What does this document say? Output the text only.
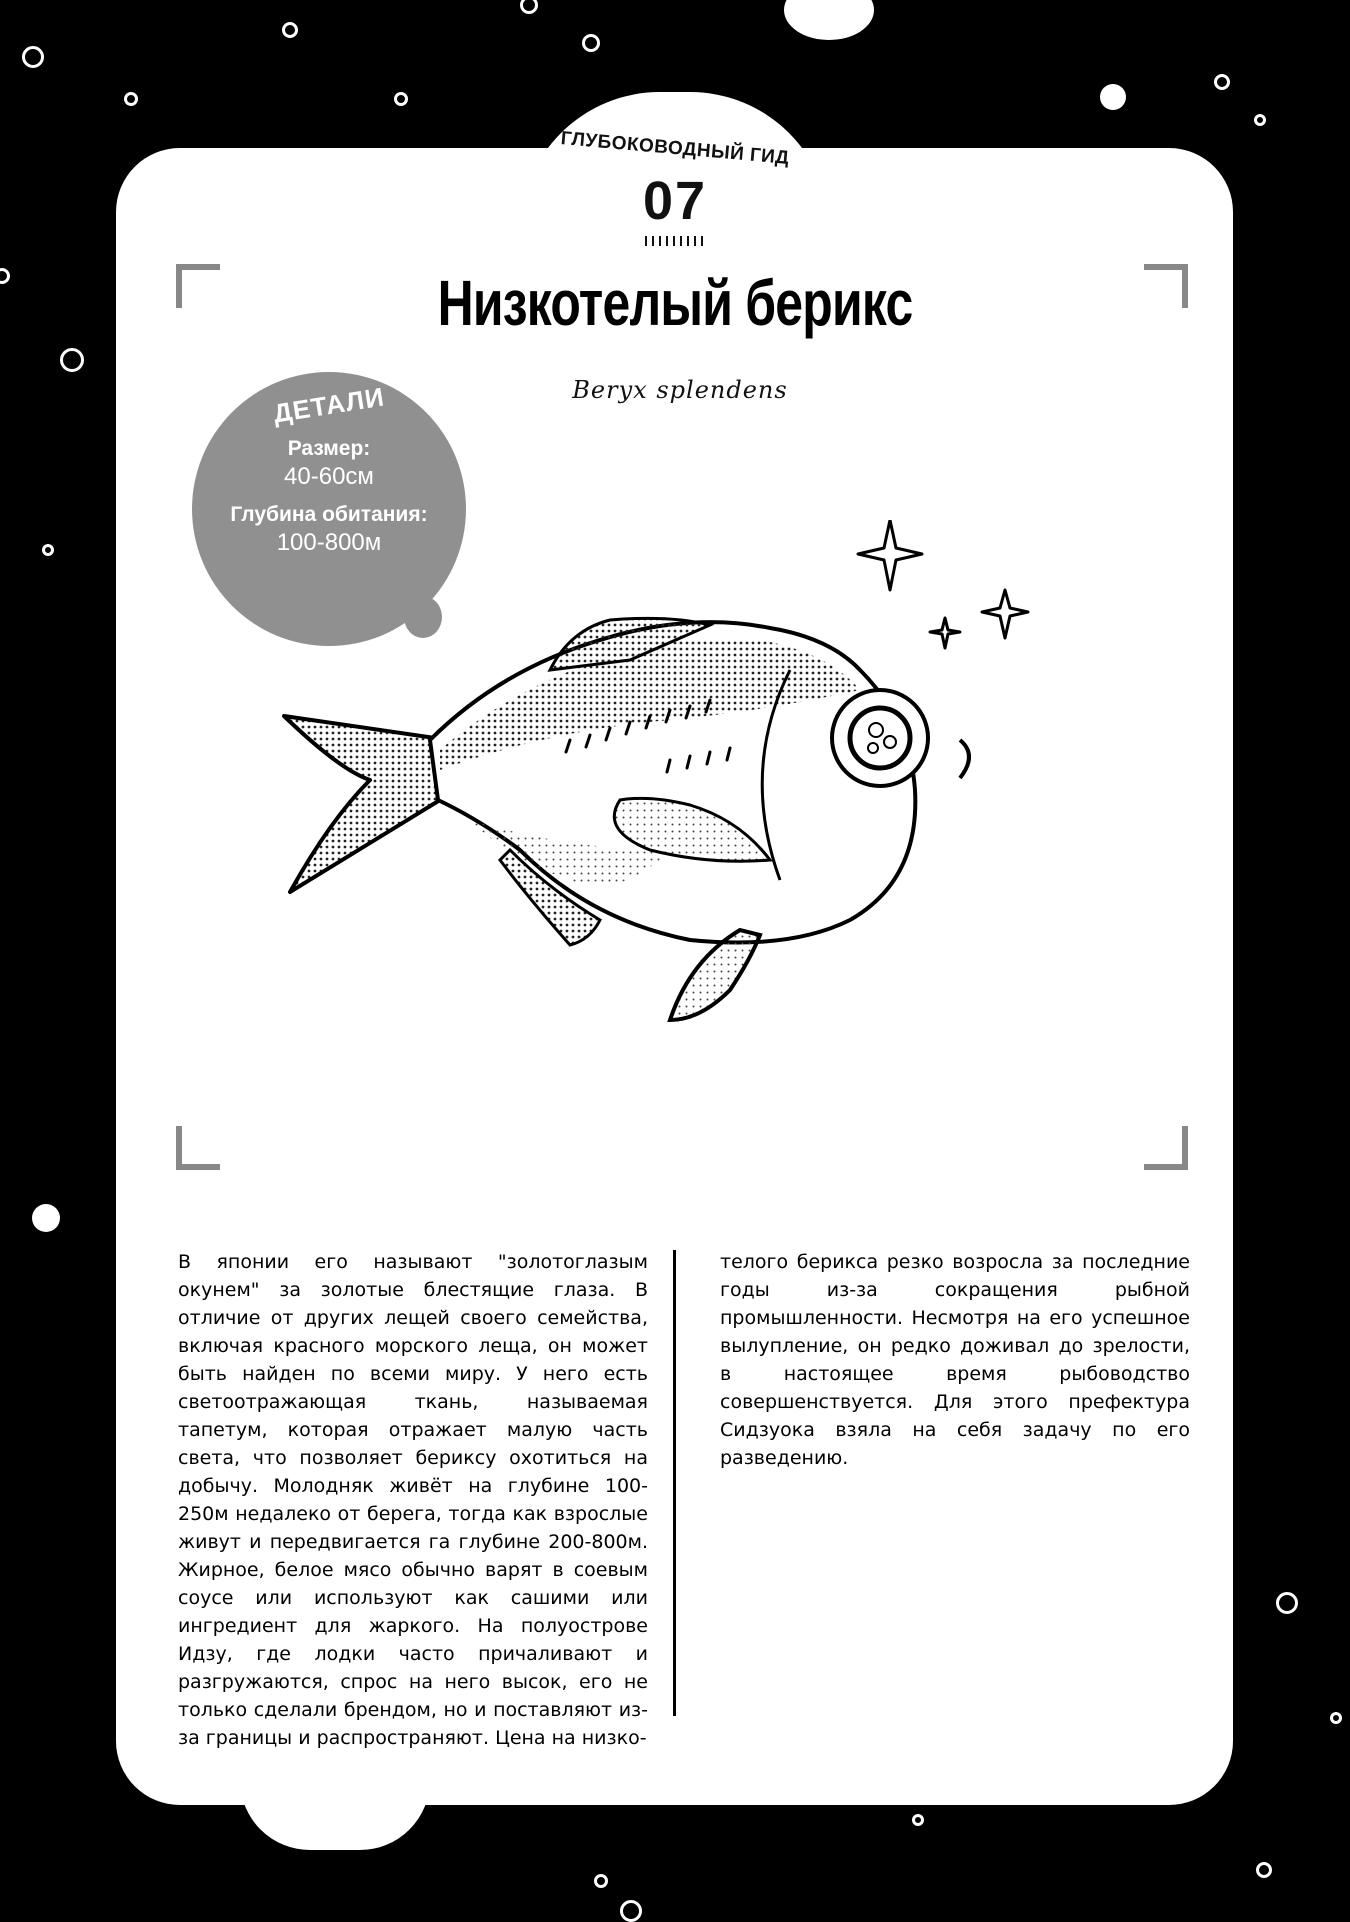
ГЛУБОКОВОДНЫЙ ГИД
07
Низкотелый берикс
Beryx splendens
ДЕТАЛИ
Размер:
40-60см
Глубина обитания:
100-800м
В японии его называют "золотоглазым окунем" за золотые блестящие глаза. В отличие от других лещей своего семейства, включая красного морского леща, он может быть найден по всеми миру. У него есть светоотражающая ткань, называемая тапетум, которая отражает малую часть света, что позволяет бериксу охотиться на добычу. Молодняк живёт на глубине 100-250м недалеко от берега, тогда как взрослые живут и передвигается га глубине 200-800м. Жирное, белое мясо обычно варят в соевым соусе или используют как сашими или ингредиент для жаркого. На полуострове Идзу, где лодки часто причаливают и разгружаются, спрос на него высок, его не только сделали брендом, но и поставляют из-за границы и распространяют. Цена на низко-
телого берикса резко возросла за последние годы из-за сокращения рыбной промышленности. Несмотря на его успешное вылупление, он редко доживал до зрелости, в настоящее время рыбоводство совершенствуется. Для этого префектура Сидзуока взяла на себя задачу по его разведению.
